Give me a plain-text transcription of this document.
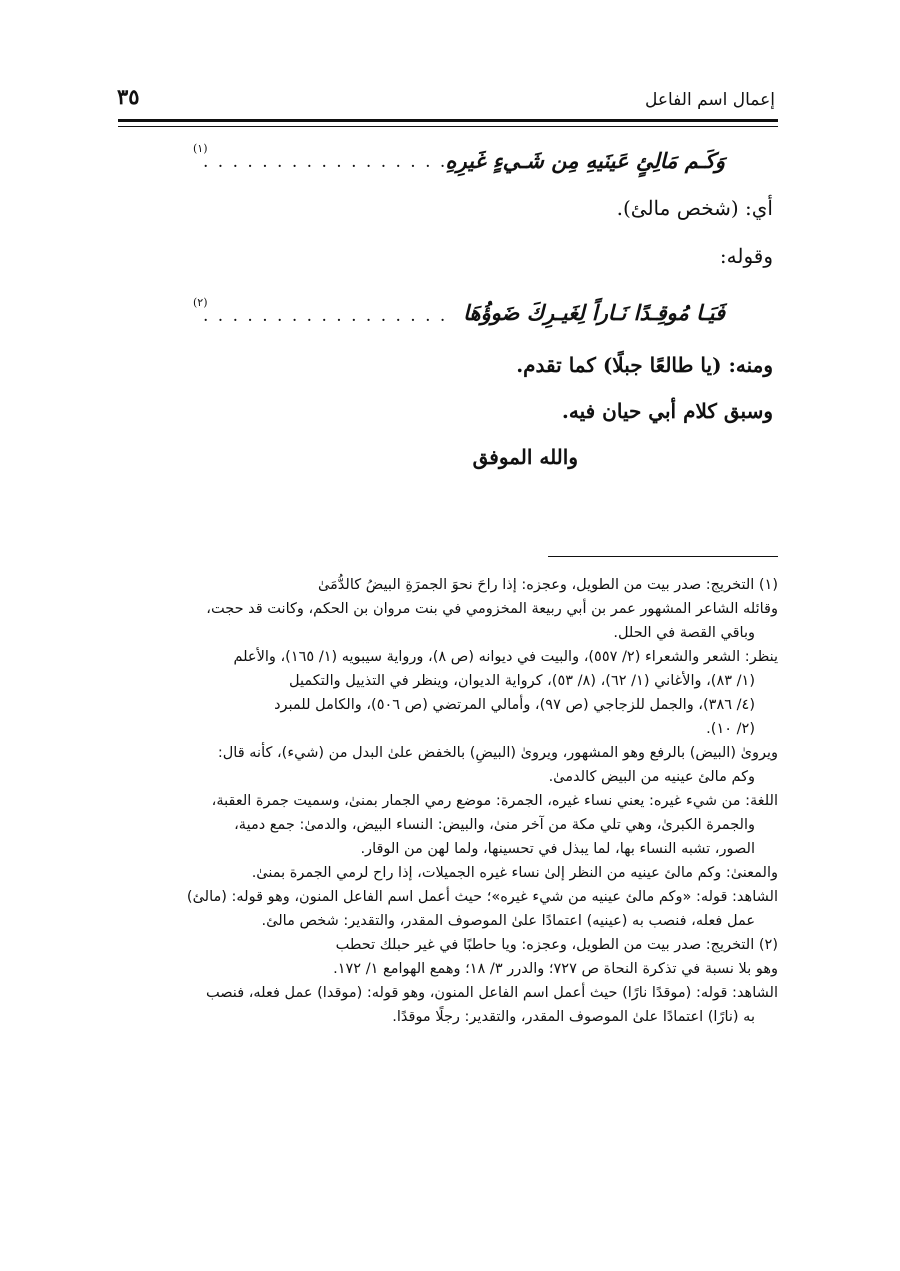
إعمال اسم الفاعل
٣٥
وَكَـم مَالِئٍ عَينَيهِ مِن شَـيءٍ غَيرِهِ
. . . . . . . . . . . . . . . . .
(١)
أي: (شخص مالئ).
وقوله:
فَيَـا مُوقِـدًا نَـاراً لِغَيـرِكَ ضَوؤُهَا
. . . . . . . . . . . . . . . . .
(٢)
ومنه: (يا طالعًا جبلًا) كما تقدم.
وسبق كلام أبي حيان فيه.
والله الموفق
(١) التخريج: صدر بيت من الطويل، وعجزه: إذا راحَ نحوَ الجمرَةِ البيضُ كالدُّمَىٰ
وقائله الشاعر المشهور عمر بن أبي ربيعة المخزومي في بنت مروان بن الحكم، وكانت قد حجت،
وباقي القصة في الحلل.
ينظر: الشعر والشعراء (٢/ ٥٥٧)، والبيت في ديوانه (ص ٨)، ورواية سيبويه (١/ ١٦٥)، والأعلم
(١/ ٨٣)، والأغاني (١/ ٦٢)، (٨/ ٥٣)، كرواية الديوان، وينظر في التذييل والتكميل
(٤/ ٣٨٦)، والجمل للزجاجي (ص ٩٧)، وأمالي المرتضي (ص ٥٠٦)، والكامل للمبرد
(٢/ ١٠).
ويروىٰ (البيض) بالرفع وهو المشهور، ويروىٰ (البيضِ) بالخفض علىٰ البدل من (شيء)، كأنه قال:
وكم مالئ عينيه من البيض كالدمىٰ.
اللغة: من شيء غيره: يعني نساء غيره، الجمرة: موضع رمي الجمار بمنىٰ، وسميت جمرة العقبة،
والجمرة الكبرىٰ، وهي تلي مكة من آخر منىٰ، والبيض: النساء البيض، والدمىٰ: جمع دمية،
الصور، تشبه النساء بها، لما يبذل في تحسينها، ولما لهن من الوقار.
والمعنىٰ: وكم مالئ عينيه من النظر إلىٰ نساء غيره الجميلات، إذا راح لرمي الجمرة بمنىٰ.
الشاهد: قوله: «وكم مالئ عينيه من شيء غيره»؛ حيث أعمل اسم الفاعل المنون، وهو قوله: (مالئ)
عمل فعله، فنصب به (عينيه) اعتمادًا علىٰ الموصوف المقدر، والتقدير: شخص مالئ.
(٢) التخريج: صدر بيت من الطويل، وعجزه: ويا حاطبًا في غير حبلك تحطب
وهو بلا نسبة في تذكرة النحاة ص ٧٢٧؛ والدرر ٣/ ١٨؛ وهمع الهوامع ١/ ١٧٢.
الشاهد: قوله: (موقدًا نارًا) حيث أعمل اسم الفاعل المنون، وهو قوله: (موقدا) عمل فعله، فنصب
به (نارًا) اعتمادًا علىٰ الموصوف المقدر، والتقدير: رجلًا موقدًا.
